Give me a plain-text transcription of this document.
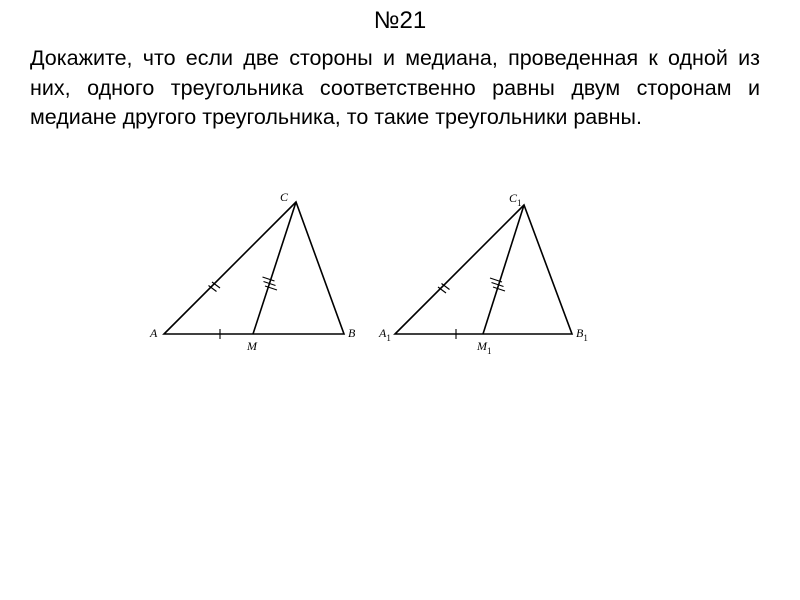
№21
Докажите, что если две стороны и медиана, проведенная к одной из них, одного треугольника соответственно равны двум сторонам и медиане другого треугольника, то такие треугольники равны.
A	B
C
M
$A_1$	$B_1$
$C_1$
$M_1$
